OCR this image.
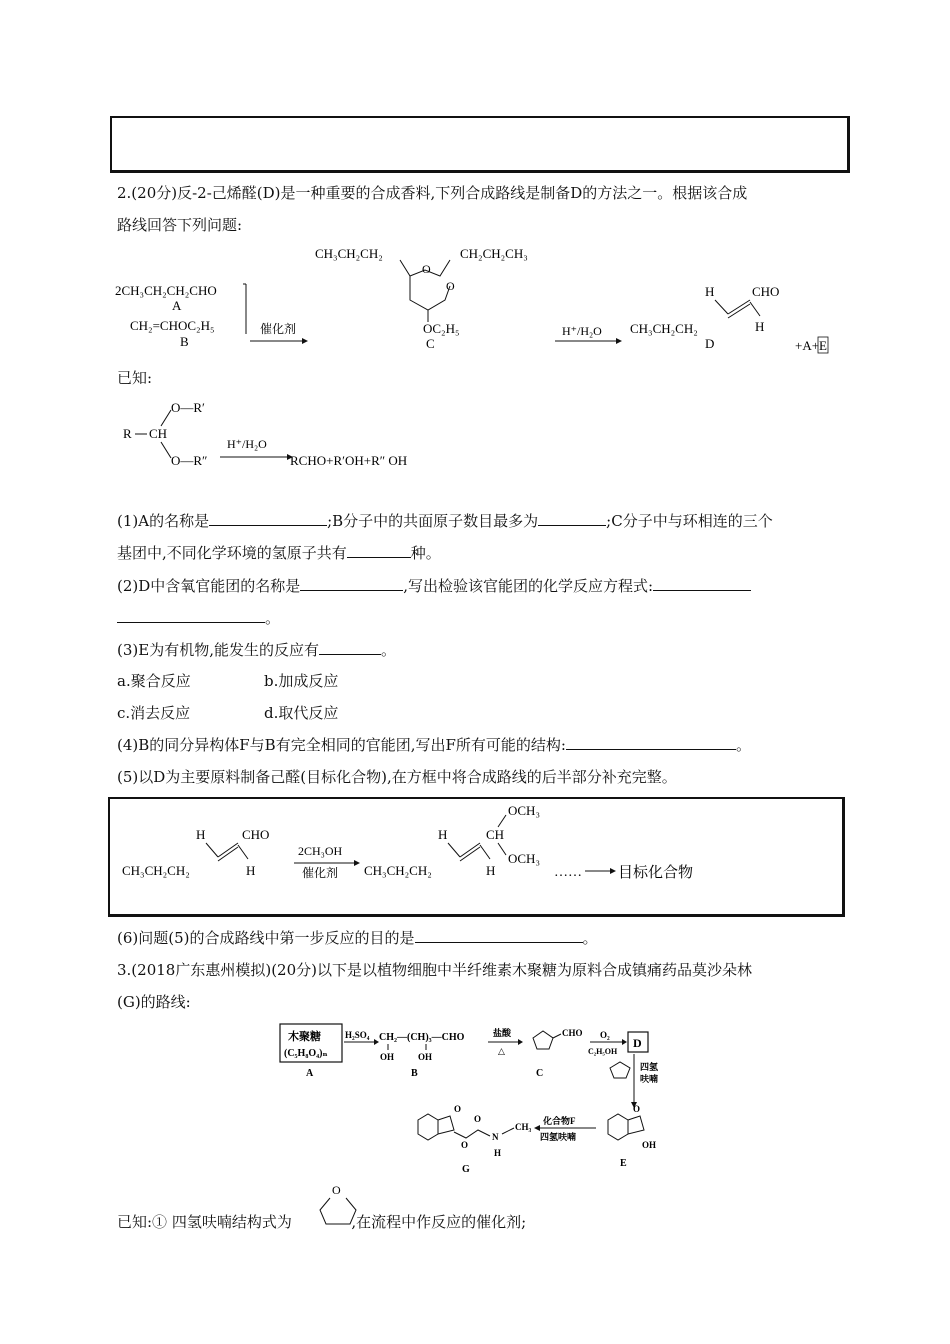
2.(20分)反-2-己烯醛(D)是一种重要的合成香料,下列合成路线是制备D的方法之一。根据该合成
路线回答下列问题:
2CH₃CH₂CH₂CHO
A
CH₂=CHOC₂H₅
B
催化剂
CH₃CH₂CH₂	CH₂CH₂CH₃
O
O
OC₂H₅
C
H⁺/H₂O
H	CHO
CH₃CH₂CH₂	H
D	+A+E
已知:
R CH
O—R′
O—R″
H⁺/H₂O
RCHO+R′OH+R″ OH
(1)A的名称是	;B分子中的共面原子数目最多为	;C分子中与环相连的三个
基团中,不同化学环境的氢原子共有	种。
(2)D中含氧官能团的名称是	,写出检验该官能团的化学反应方程式:
。
(3)E为有机物,能发生的反应有	。
a.聚合反应	b.加成反应
c.消去反应	d.取代反应
(4)B的同分异构体F与B有完全相同的官能团,写出F所有可能的结构:	。
(5)以D为主要原料制备己醛(目标化合物),在方框中将合成路线的后半部分补充完整。
H	CHO
CH₃CH₂CH₂	H
2CH₃OH
催化剂
H	CH
OCH₃
OCH₃
CH₃CH₂CH₂	H	…… 目标化合物
(6)问题(5)的合成路线中第一步反应的目的是	。
3.(2018广东惠州模拟)(20分)以下是以植物细胞中半纤维素木聚糖为原料合成镇痛药品莫沙朵林
(G)的路线:
木聚糖
(C₅H₈O₄)ₙ
A
H₂SO₄ CH₂—(CH)₃—CHO
OH	OH
B
盐酸
△
CHO
C
O₂
C₂H₅OH
D
四氢
呋喃
O
OH
E
化合物F
四氢呋喃
O
O
O
N
H
CH₃
G
已知:① 四氢呋喃结构式为	,在流程中作反应的催化剂;
O
